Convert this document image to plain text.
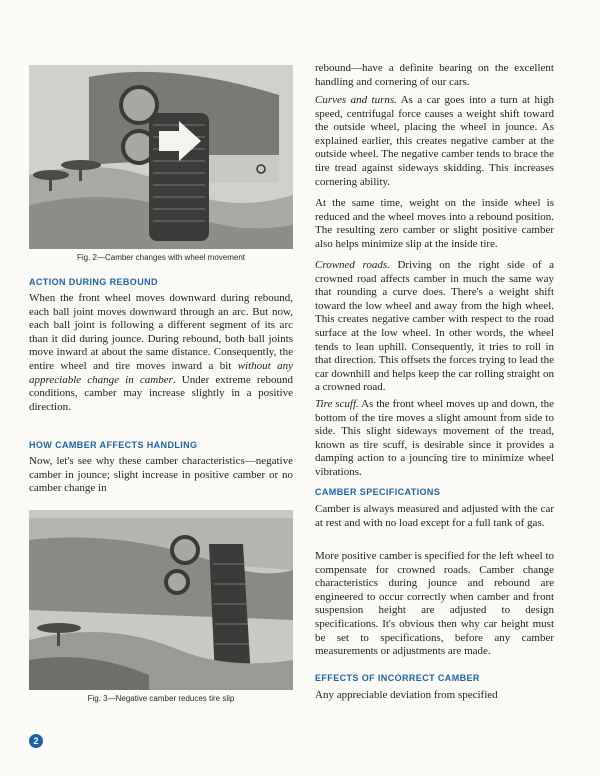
Fig. 2—Camber changes with wheel movement
ACTION DURING REBOUND

When the front wheel moves downward during rebound, each ball joint moves downward through an arc. But now, each ball joint is following a different segment of its arc than it did during jounce. During rebound, both ball joints move inward at about the same distance. Consequently, the entire wheel and tire moves inward a bit without any appreciable change in camber. Under extreme rebound conditions, camber may increase slightly in a positive direction.

HOW CAMBER AFFECTS HANDLING

Now, let's see why these camber characteristics—negative camber in jounce; slight increase in positive camber or no camber change in

Fig. 3—Negative camber reduces tire slip
2

rebound—have a definite bearing on the excellent handling and cornering of our cars.

Curves and turns. As a car goes into a turn at high speed, centrifugal force causes a weight shift toward the outside wheel, placing the wheel in jounce. As explained earlier, this creates negative camber at the outside wheel. The negative camber tends to brace the tire tread against sideways skidding. This increases cornering ability.

At the same time, weight on the inside wheel is reduced and the wheel moves into a rebound position. The resulting zero camber or slight positive camber also helps minimize slip at the inside tire.

Crowned roads. Driving on the right side of a crowned road affects camber in much the same way that rounding a curve does. There's a weight shift toward the low wheel and away from the high wheel. This creates negative camber with respect to the road surface at the low wheel. In other words, the wheel tends to lean uphill. Consequently, it tries to roll in that direction. This offsets the forces trying to lead the car downhill and helps keep the car rolling straight on a crowned road.

Tire scuff. As the front wheel moves up and down, the bottom of the tire moves a slight amount from side to side. This slight sideways movement of the tread, known as tire scuff, is desirable since it provides a damping action to a jouncing tire to minimize wheel vibrations.

CAMBER SPECIFICATIONS

Camber is always measured and adjusted with the car at rest and with no load except for a full tank of gas.

More positive camber is specified for the left wheel to compensate for crowned roads. Camber change characteristics during jounce and rebound are engineered to occur correctly when camber and front suspension height are adjusted to design specifications. It's obvious then why car height must be set to specifications, before any camber measurements or adjustments are made.

EFFECTS OF INCORRECT CAMBER

Any appreciable deviation from specified
